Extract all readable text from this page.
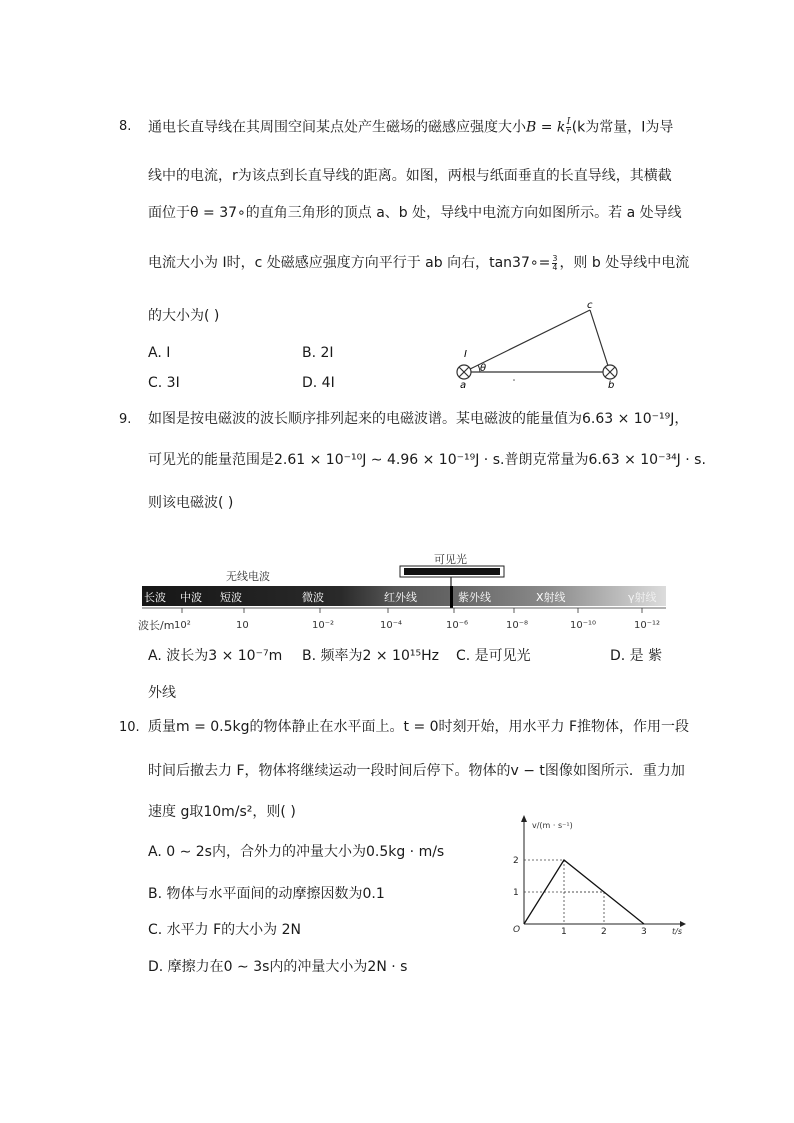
8. 通电长直导线在其周围空间某点处产生磁场的磁感应强度大小B = k $\frac{I}{r} (k$为常量，I为导
线中的电流，r为该点到长直导线的距离。如图，两根与纸面垂直的长直导线，其横截
面位于θ = 37∘的直角三角形的顶点 a、b 处，导线中电流方向如图所示。若 a 处导线
电流大小为 I时，c 处磁感应强度方向平行于 ab 向右，tan37∘= $\frac{3}{4}$ ，则 b 处导线中电流
的大小为( )
A. I	B. 2I
C. 3I	D. 4I
I
θ
a	b
c
9. 如图是按电磁波的波长顺序排列起来的电磁波谱。某电磁波的能量值为6.63 × 10⁻¹⁹J，
可见光的能量范围是2.61 × 10⁻¹⁰J ∼ 4.96 × 10⁻¹⁹J · s.普朗克常量为6.63 × 10⁻³⁴J · s.
则该电磁波( )
无线电波
可见光
长波 中波 短波	微波	红外线	紫外线	X射线	γ射线
10²	10	10⁻²	10⁻⁴	10⁻⁶	10⁻⁸	10⁻¹⁰	10⁻¹²
波长/m
A. 波长为3 × 10⁻⁷m B. 频率为2 × 10¹⁵Hz C. 是可见光	D. 是 紫
外线
10. 质量m = 0.5kg的物体静止在水平面上。t = 0时刻开始，用水平力 F推物体，作用一段
时间后撤去力 F，物体将继续运动一段时间后停下。物体的v − t图像如图所示．重力加
速度 g取10m/s²，则( )
A. 0 ∼ 2s内，合外力的冲量大小为0.5kg · m/s
B. 物体与水平面间的动摩擦因数为0.1
C. 水平力 F的大小为 2N
D. 摩擦力在0 ∼ 3s内的冲量大小为2N · s
v/(m · s⁻¹)
t/s
O	1	2	3
1
2
